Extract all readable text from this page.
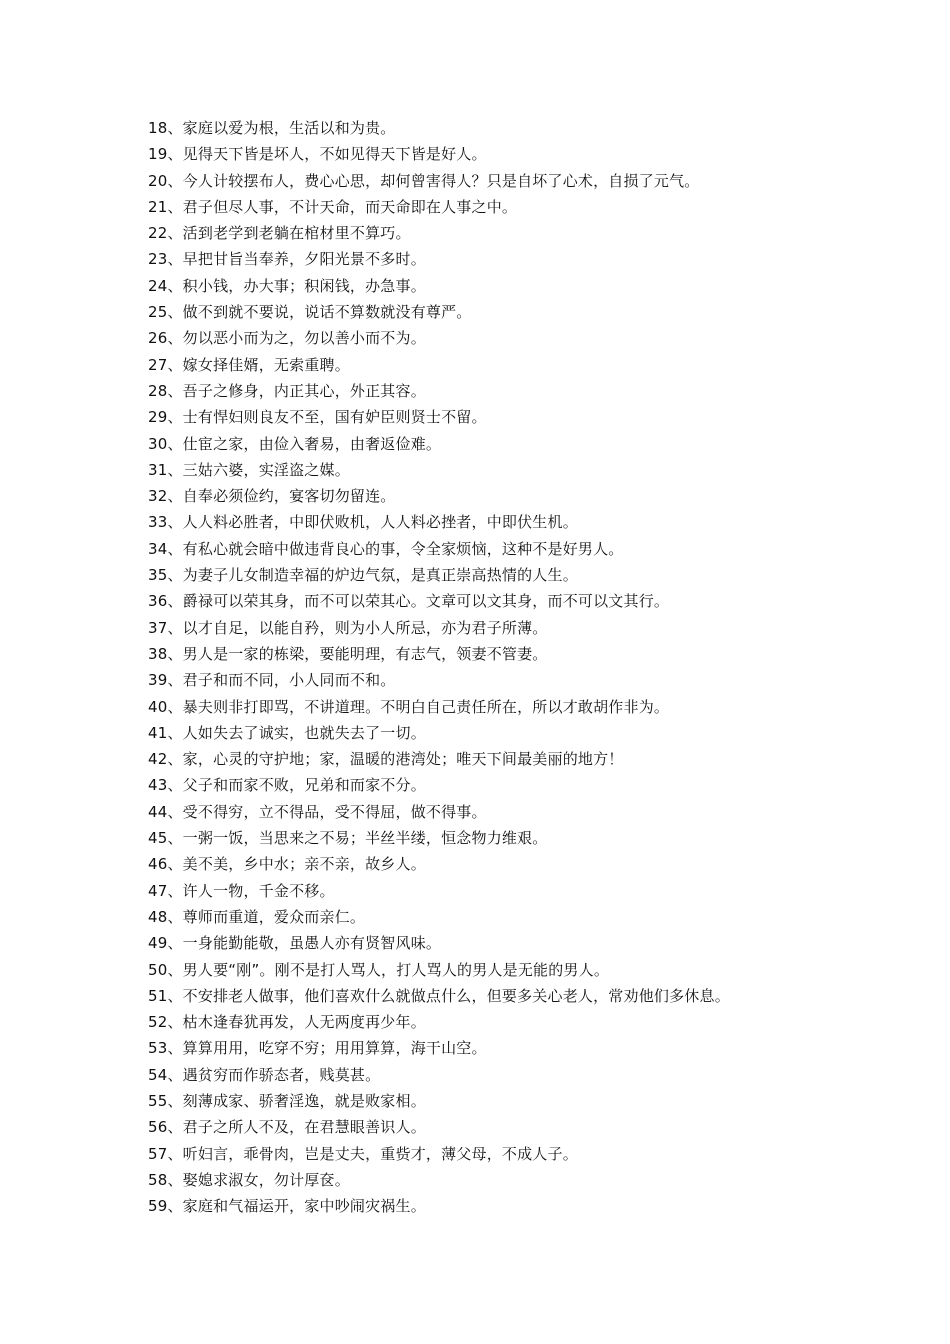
18、家庭以爱为根，生活以和为贵。
19、见得天下皆是坏人，不如见得天下皆是好人。
20、今人计较摆布人，费心心思，却何曾害得人？只是自坏了心术，自损了元气。
21、君子但尽人事，不计天命，而天命即在人事之中。
22、活到老学到老躺在棺材里不算巧。
23、早把甘旨当奉养，夕阳光景不多时。
24、积小钱，办大事；积闲钱，办急事。
25、做不到就不要说，说话不算数就没有尊严。
26、勿以恶小而为之，勿以善小而不为。
27、嫁女择佳婿，无索重聘。
28、吾子之修身，内正其心，外正其容。
29、士有悍妇则良友不至，国有妒臣则贤士不留。
30、仕宦之家，由俭入奢易，由奢返俭难。
31、三姑六婆，实淫盗之媒。
32、自奉必须俭约，宴客切勿留连。
33、人人料必胜者，中即伏败机，人人料必挫者，中即伏生机。
34、有私心就会暗中做违背良心的事，令全家烦恼，这种不是好男人。
35、为妻子儿女制造幸福的炉边气氛，是真正崇高热情的人生。
36、爵禄可以荣其身，而不可以荣其心。文章可以文其身，而不可以文其行。
37、以才自足，以能自矜，则为小人所忌，亦为君子所薄。
38、男人是一家的栋梁，要能明理，有志气，领妻不管妻。
39、君子和而不同，小人同而不和。
40、暴夫则非打即骂，不讲道理。不明白自己责任所在，所以才敢胡作非为。
41、人如失去了诚实，也就失去了一切。
42、家，心灵的守护地；家，温暖的港湾处；唯天下间最美丽的地方！
43、父子和而家不败，兄弟和而家不分。
44、受不得穷，立不得品，受不得屈，做不得事。
45、一粥一饭，当思来之不易；半丝半缕，恒念物力维艰。
46、美不美，乡中水；亲不亲，故乡人。
47、许人一物，千金不移。
48、尊师而重道，爱众而亲仁。
49、一身能勤能敬，虽愚人亦有贤智风味。
50、男人要“刚”。刚不是打人骂人，打人骂人的男人是无能的男人。
51、不安排老人做事，他们喜欢什么就做点什么，但要多关心老人，常劝他们多休息。
52、枯木逢春犹再发，人无两度再少年。
53、算算用用，吃穿不穷；用用算算，海干山空。
54、遇贫穷而作骄态者，贱莫甚。
55、刻薄成家、骄奢淫逸，就是败家相。
56、君子之所人不及，在君慧眼善识人。
57、听妇言，乖骨肉，岂是丈夫，重赀才，薄父母，不成人子。
58、娶媳求淑女，勿计厚奁。
59、家庭和气福运开，家中吵闹灾祸生。
